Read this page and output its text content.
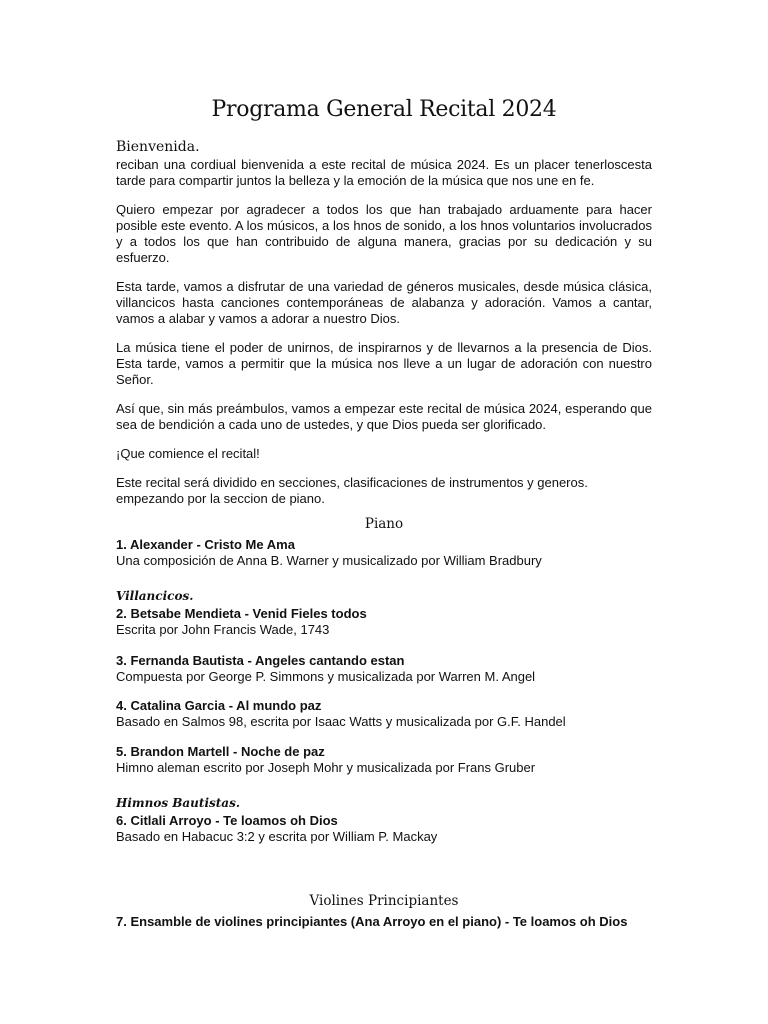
Programa General Recital 2024
Bienvenida.

reciban una cordiual bienvenida a este recital de música 2024. Es un placer tenerloscesta tarde para compartir juntos la belleza y la emoción de la música que nos une en fe.

Quiero empezar por agradecer a todos los que han trabajado arduamente para hacer posible este evento. A los músicos, a los hnos de sonido, a los hnos voluntarios involucrados y a todos los que han contribuido de alguna manera, gracias por su dedicación y su esfuerzo.

Esta tarde, vamos a disfrutar de una variedad de géneros musicales, desde música clásica, villancicos hasta canciones contemporáneas de alabanza y adoración. Vamos a cantar, vamos a alabar y vamos a adorar a nuestro Dios.

La música tiene el poder de unirnos, de inspirarnos y de llevarnos a la presencia de Dios. Esta tarde, vamos a permitir que la música nos lleve a un lugar de adoración con nuestro Señor.

Así que, sin más preámbulos, vamos a empezar este recital de música 2024, esperando que sea de bendición a cada uno de ustedes, y que Dios pueda ser glorificado.

¡Que comience el recital!

Este recital será dividido en secciones, clasificaciones de instrumentos y generos. empezando por la seccion de piano.

Piano
1. Alexander - Cristo Me Ama
Una composición de Anna B. Warner y musicalizado por William Bradbury
Villancicos.
2. Betsabe Mendieta - Venid Fieles todos
Escrita por John Francis Wade, 1743
3. Fernanda Bautista - Angeles cantando estan
Compuesta por George P. Simmons y musicalizada por Warren M. Angel
4. Catalina Garcia - Al mundo paz
Basado en Salmos 98, escrita por Isaac Watts y musicalizada por G.F. Handel
5. Brandon Martell - Noche de paz
Himno aleman escrito por Joseph Mohr y musicalizada por Frans Gruber
Himnos Bautistas.
6. Citlali Arroyo - Te loamos oh Dios
Basado en Habacuc 3:2 y escrita por William P. Mackay
Violines Principiantes
7. Ensamble de violines principiantes (Ana Arroyo en el piano) - Te loamos oh Dios
